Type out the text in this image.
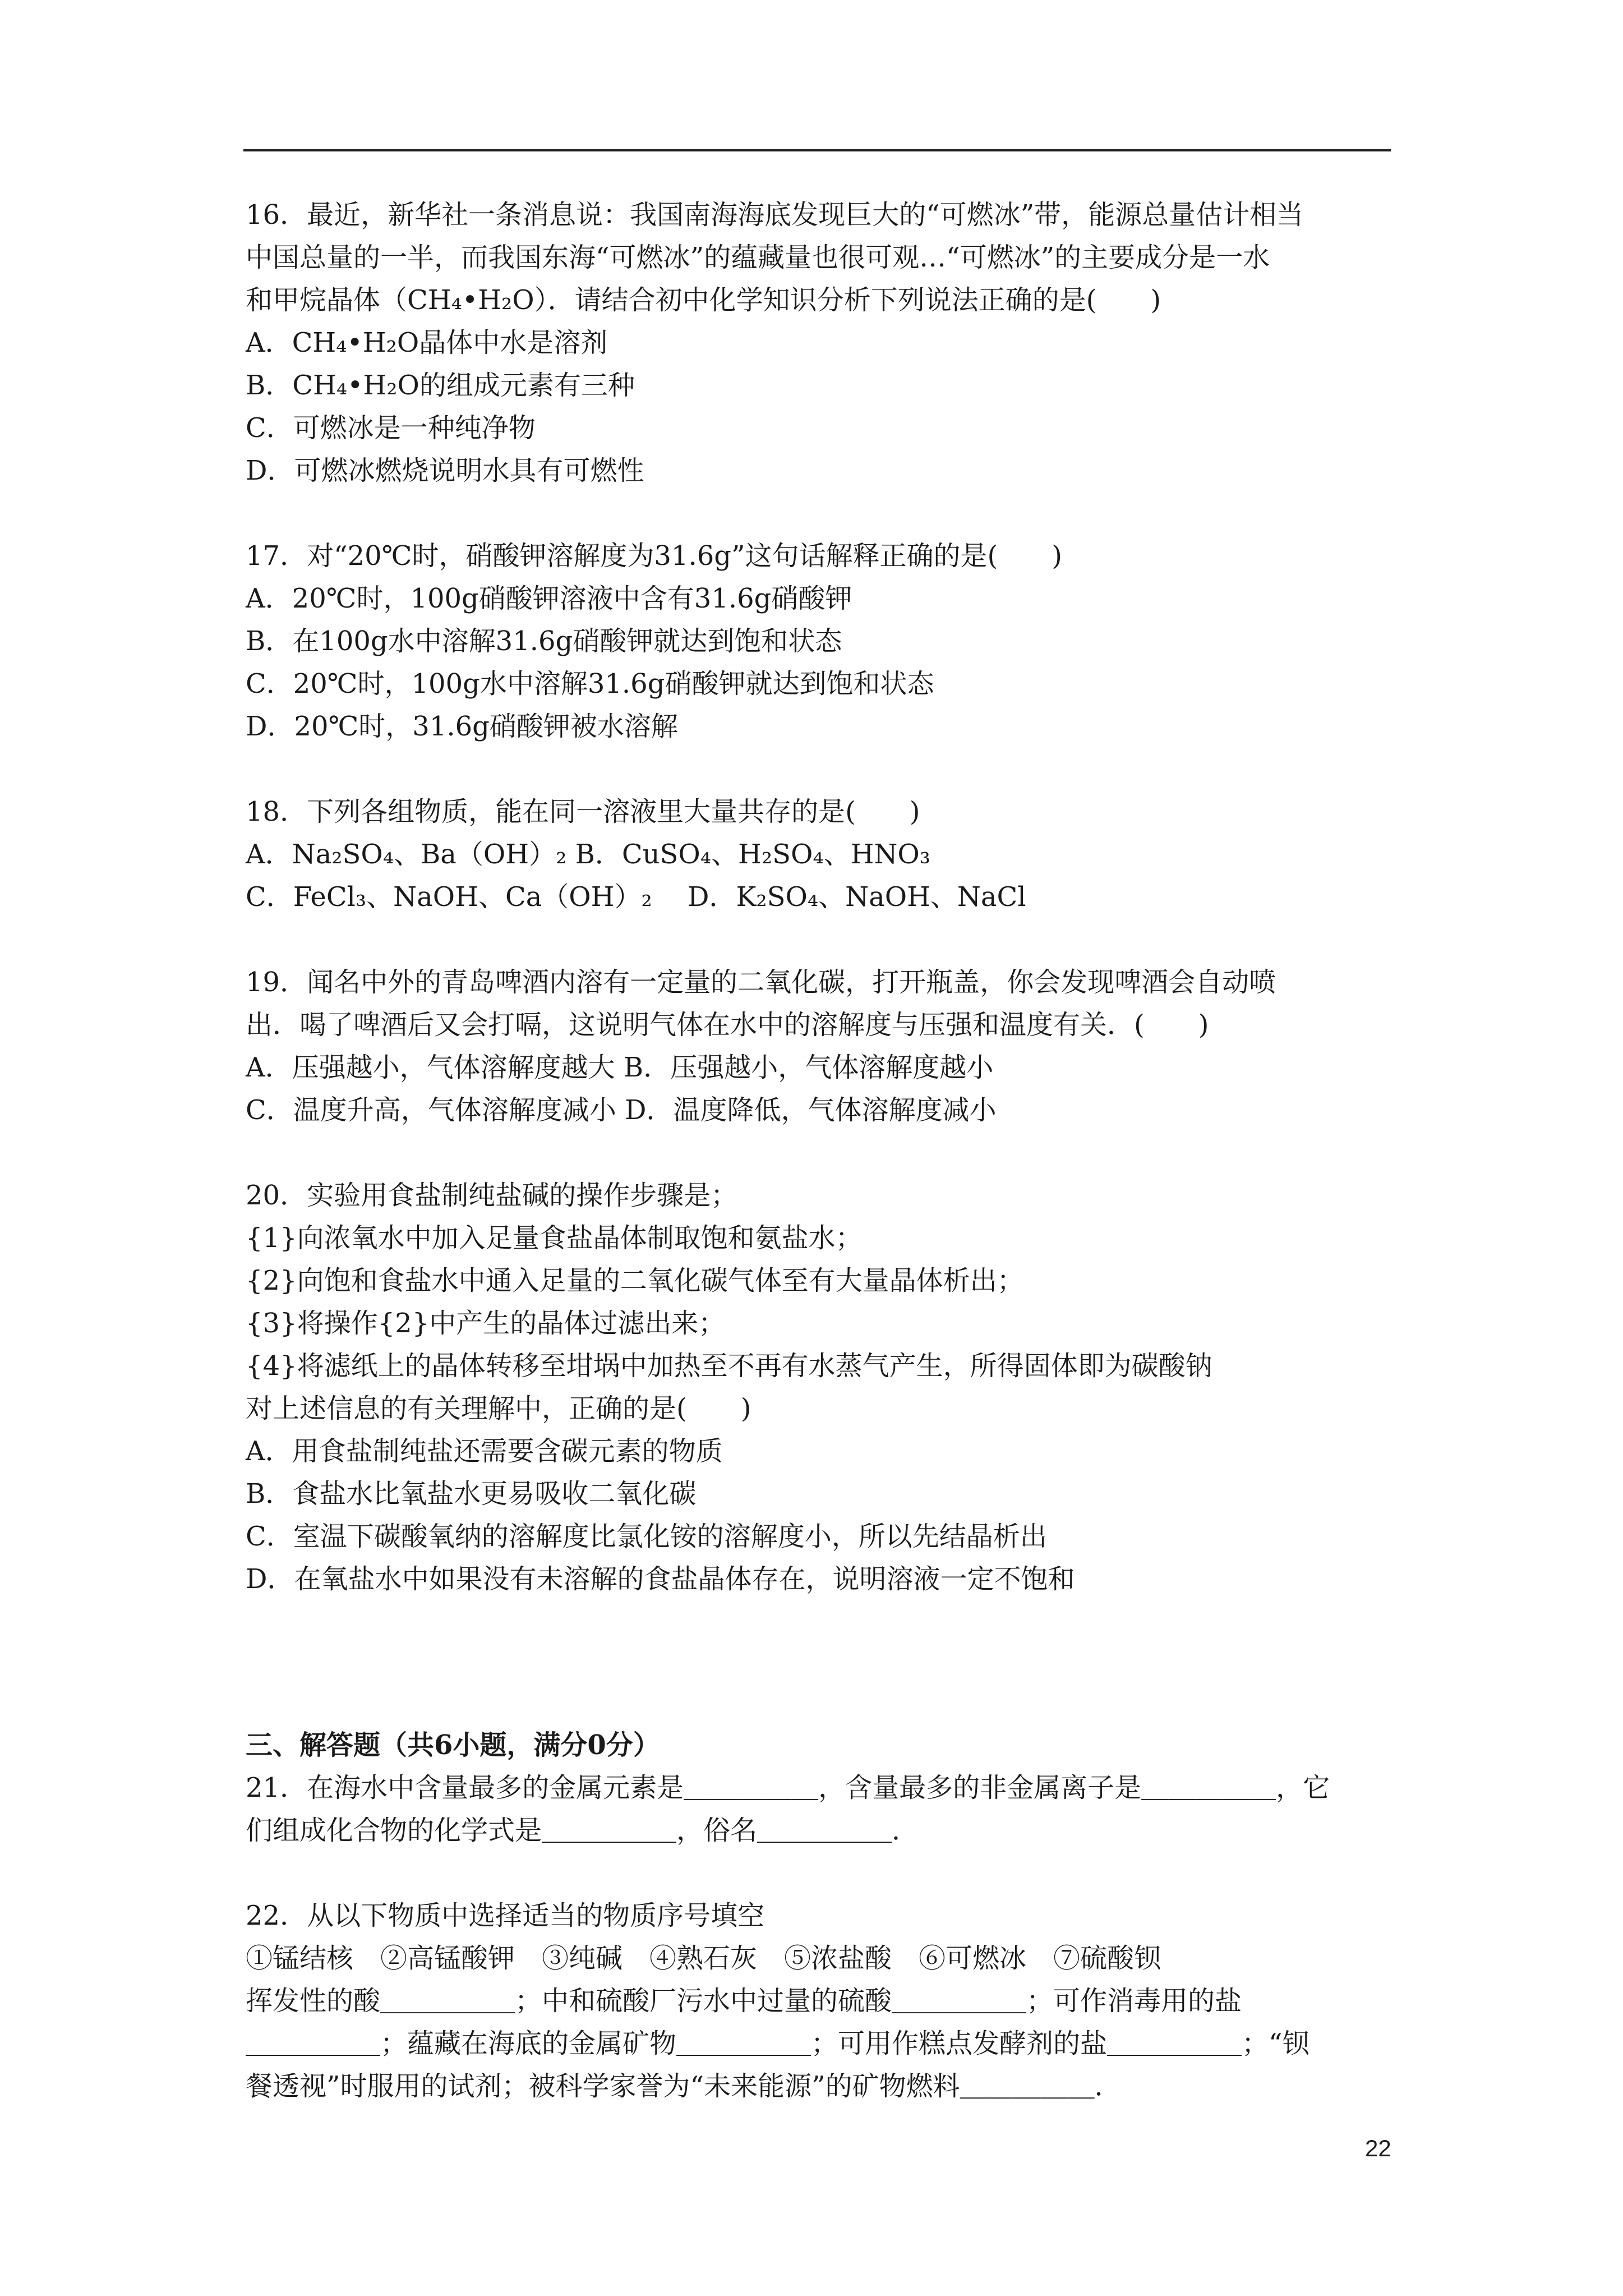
16．最近，新华社一条消息说：我国南海海底发现巨大的“可燃冰”带，能源总量估计相当
中国总量的一半，而我国东海“可燃冰”的蕴藏量也很可观…“可燃冰”的主要成分是一水
和甲烷晶体（CH₄•H₂O）．请结合初中化学知识分析下列说法正确的是(　　)
A．CH₄•H₂O晶体中水是溶剂
B．CH₄•H₂O的组成元素有三种
C．可燃冰是一种纯净物
D．可燃冰燃烧说明水具有可燃性
17．对“20℃时，硝酸钾溶解度为31.6g”这句话解释正确的是(　　)
A．20℃时，100g硝酸钾溶液中含有31.6g硝酸钾
B．在100g水中溶解31.6g硝酸钾就达到饱和状态
C．20℃时，100g水中溶解31.6g硝酸钾就达到饱和状态
D．20℃时，31.6g硝酸钾被水溶解
18．下列各组物质，能在同一溶液里大量共存的是(　　)
A．Na₂SO₄、Ba（OH）₂ B．CuSO₄、H₂SO₄、HNO₃
C．FeCl₃、NaOH、Ca（OH）₂　 D．K₂SO₄、NaOH、NaCl
19．闻名中外的青岛啤酒内溶有一定量的二氧化碳，打开瓶盖，你会发现啤酒会自动喷
出．喝了啤酒后又会打嗝，这说明气体在水中的溶解度与压强和温度有关．(　　)
A．压强越小，气体溶解度越大 B．压强越小，气体溶解度越小
C．温度升高，气体溶解度减小 D．温度降低，气体溶解度减小
20．实验用食盐制纯盐碱的操作步骤是；
{1}向浓氧水中加入足量食盐晶体制取饱和氨盐水；
{2}向饱和食盐水中通入足量的二氧化碳气体至有大量晶体析出；
{3}将操作{2}中产生的晶体过滤出来；
{4}将滤纸上的晶体转移至坩埚中加热至不再有水蒸气产生，所得固体即为碳酸钠
对上述信息的有关理解中，正确的是(　　)
A．用食盐制纯盐还需要含碳元素的物质
B．食盐水比氧盐水更易吸收二氧化碳
C．室温下碳酸氧纳的溶解度比氯化铵的溶解度小，所以先结晶析出
D．在氧盐水中如果没有未溶解的食盐晶体存在，说明溶液一定不饱和
三、解答题（共6小题，满分0分）
21．在海水中含量最多的金属元素是＿＿＿＿＿，含量最多的非金属离子是＿＿＿＿＿，它
们组成化合物的化学式是＿＿＿＿＿，俗名＿＿＿＿＿．
22．从以下物质中选择适当的物质序号填空
①锰结核　②高锰酸钾　③纯碱　④熟石灰　⑤浓盐酸　⑥可燃冰　⑦硫酸钡
挥发性的酸＿＿＿＿＿；中和硫酸厂污水中过量的硫酸＿＿＿＿＿；可作消毒用的盐
＿＿＿＿＿；蕴藏在海底的金属矿物＿＿＿＿＿；可用作糕点发酵剂的盐＿＿＿＿＿；“钡
餐透视”时服用的试剂；被科学家誉为“未来能源”的矿物燃料＿＿＿＿＿．
22
